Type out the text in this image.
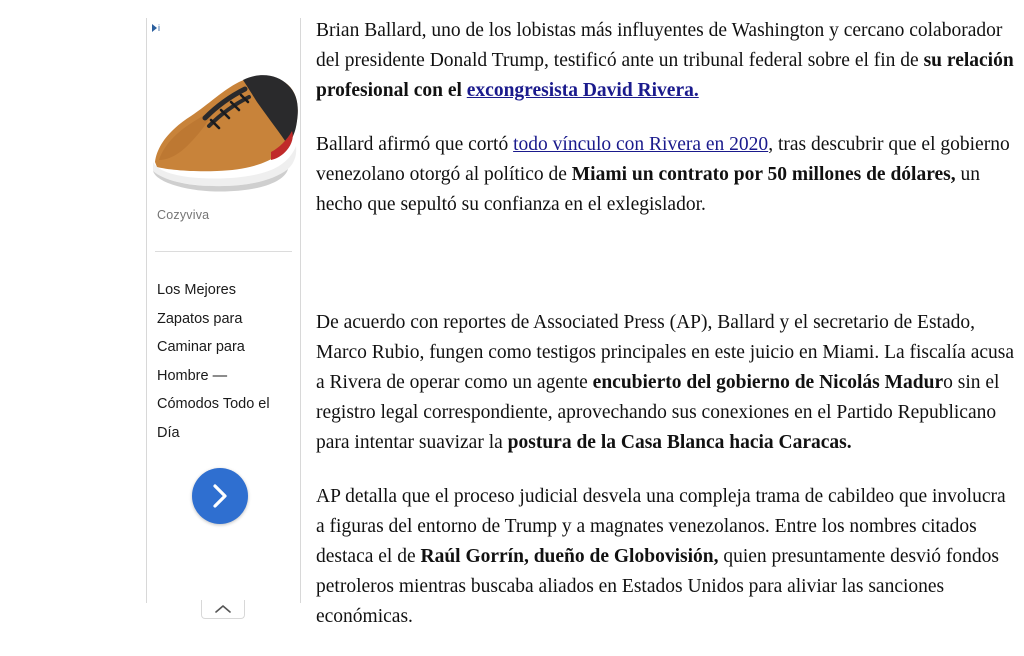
i
Cozyviva
Los Mejores Zapatos para Caminar para Hombre — Cómodos Todo el Día

Brian Ballard, uno de los lobistas más influyentes de Washington y cercano colaborador del presidente Donald Trump, testificó ante un tribunal federal sobre el fin de su relación profesional con el excongresista David Rivera.

Ballard afirmó que cortó todo vínculo con Rivera en 2020, tras descubrir que el gobierno venezolano otorgó al político de Miami un contrato por 50 millones de dólares, un hecho que sepultó su confianza en el exlegislador.

De acuerdo con reportes de Associated Press (AP), Ballard y el secretario de Estado, Marco Rubio, fungen como testigos principales en este juicio en Miami. La fiscalía acusa a Rivera de operar como un agente encubierto del gobierno de Nicolás Maduro sin el registro legal correspondiente, aprovechando sus conexiones en el Partido Republicano para intentar suavizar la postura de la Casa Blanca hacia Caracas.

AP detalla que el proceso judicial desvela una compleja trama de cabildeo que involucra a figuras del entorno de Trump y a magnates venezolanos. Entre los nombres citados destaca el de Raúl Gorrín, dueño de Globovisión, quien presuntamente desvió fondos petroleros mientras buscaba aliados en Estados Unidos para aliviar las sanciones económicas.
